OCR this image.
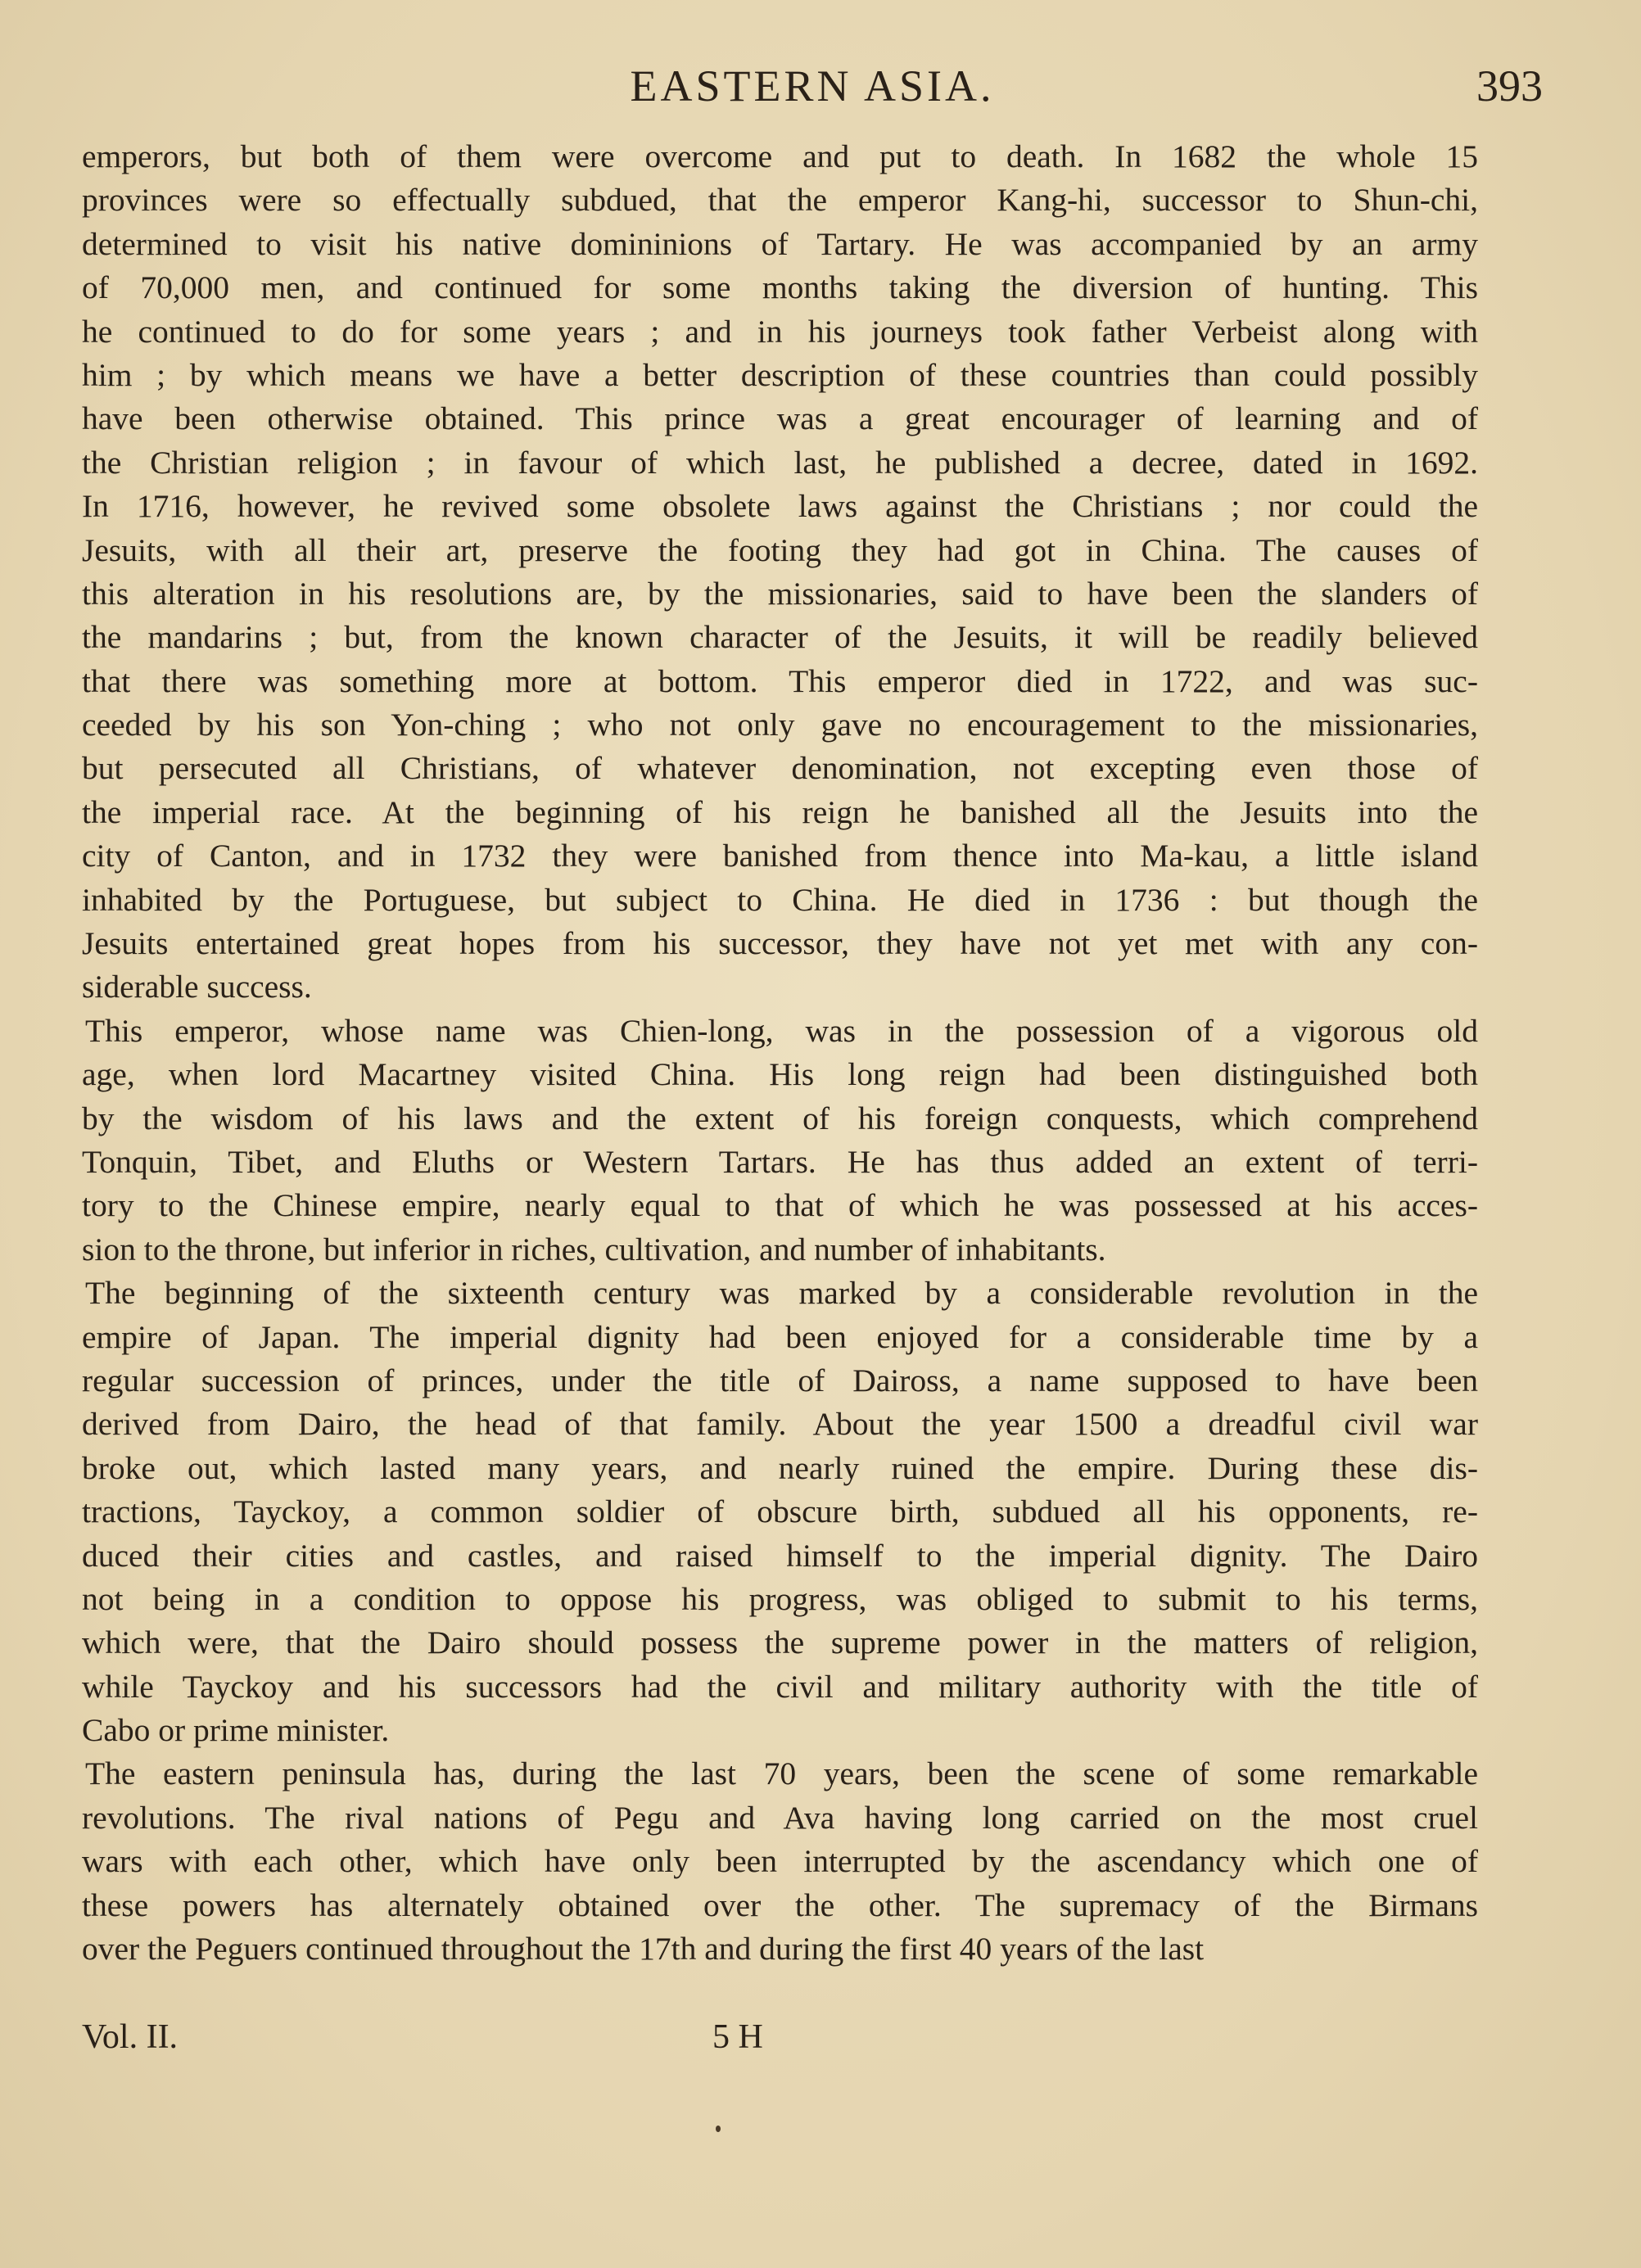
EASTERN ASIA.	393
emperors, but both of them were overcome and put to death. In 1682 the whole 15
provinces were so effectually subdued, that the emperor Kang-hi, successor to Shun-chi,
determined to visit his native domininions of Tartary. He was accompanied by an army
of 70,000 men, and continued for some months taking the diversion of hunting. This
he continued to do for some years ; and in his journeys took father Verbeist along with
him ; by which means we have a better description of these countries than could possibly
have been otherwise obtained. This prince was a great encourager of learning and of
the Christian religion ; in favour of which last, he published a decree, dated in 1692.
In 1716, however, he revived some obsolete laws against the Christians ; nor could the
Jesuits, with all their art, preserve the footing they had got in China. The causes of
this alteration in his resolutions are, by the missionaries, said to have been the slanders of
the mandarins ; but, from the known character of the Jesuits, it will be readily believed
that there was something more at bottom. This emperor died in 1722, and was suc-
ceeded by his son Yon-ching ; who not only gave no encouragement to the missionaries,
but persecuted all Christians, of whatever denomination, not excepting even those of
the imperial race. At the beginning of his reign he banished all the Jesuits into the
city of Canton, and in 1732 they were banished from thence into Ma-kau, a little island
inhabited by the Portuguese, but subject to China. He died in 1736 : but though the
Jesuits entertained great hopes from his successor, they have not yet met with any con-
siderable success.
This emperor, whose name was Chien-long, was in the possession of a vigorous old
age, when lord Macartney visited China. His long reign had been distinguished both
by the wisdom of his laws and the extent of his foreign conquests, which comprehend
Tonquin, Tibet, and Eluths or Western Tartars. He has thus added an extent of terri-
tory to the Chinese empire, nearly equal to that of which he was possessed at his acces-
sion to the throne, but inferior in riches, cultivation, and number of inhabitants.
The beginning of the sixteenth century was marked by a considerable revolution in the
empire of Japan. The imperial dignity had been enjoyed for a considerable time by a
regular succession of princes, under the title of Daiross, a name supposed to have been
derived from Dairo, the head of that family. About the year 1500 a dreadful civil war
broke out, which lasted many years, and nearly ruined the empire. During these dis-
tractions, Tayckoy, a common soldier of obscure birth, subdued all his opponents, re-
duced their cities and castles, and raised himself to the imperial dignity. The Dairo
not being in a condition to oppose his progress, was obliged to submit to his terms,
which were, that the Dairo should possess the supreme power in the matters of religion,
while Tayckoy and his successors had the civil and military authority with the title of
Cabo or prime minister.
The eastern peninsula has, during the last 70 years, been the scene of some remarkable
revolutions. The rival nations of Pegu and Ava having long carried on the most cruel
wars with each other, which have only been interrupted by the ascendancy which one of
these powers has alternately obtained over the other. The supremacy of the Birmans
over the Peguers continued throughout the 17th and during the first 40 years of the last
Vol. II.	5 H
